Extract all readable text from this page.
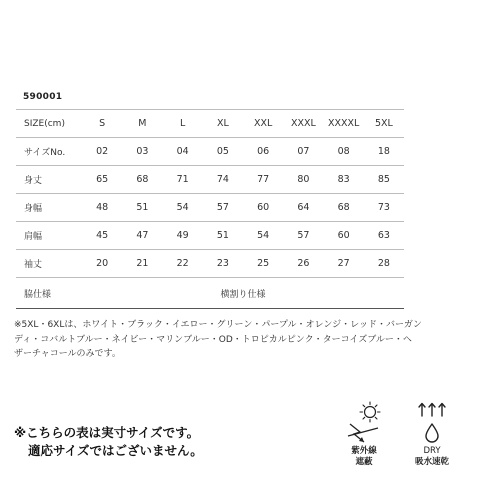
590001
SIZE(cm)	S	M	L	XL	XXL	XXXL	XXXXL	5XL
サイズNo.	02	03	04	05	06	07	08	18
身丈	65	68	71	74	77	80	83	85
身幅	48	51	54	57	60	64	68	73
肩幅	45	47	49	51	54	57	60	63
袖丈	20	21	22	23	25	26	27	28
脇仕様	横割り仕様							
※5XL・6XLは、ホワイト・ブラック・イエロー・グリーン・パープル・オレンジ・レッド・バーガン
ディ・コバルトブルー・ネイビー・マリンブルー・OD・トロピカルピンク・ターコイズブルー・ヘ
ザーチャコールのみです。
※こちらの表は実寸サイズです。
適応サイズではございません。	紫外線
遮蔽
DRY
吸水速乾
